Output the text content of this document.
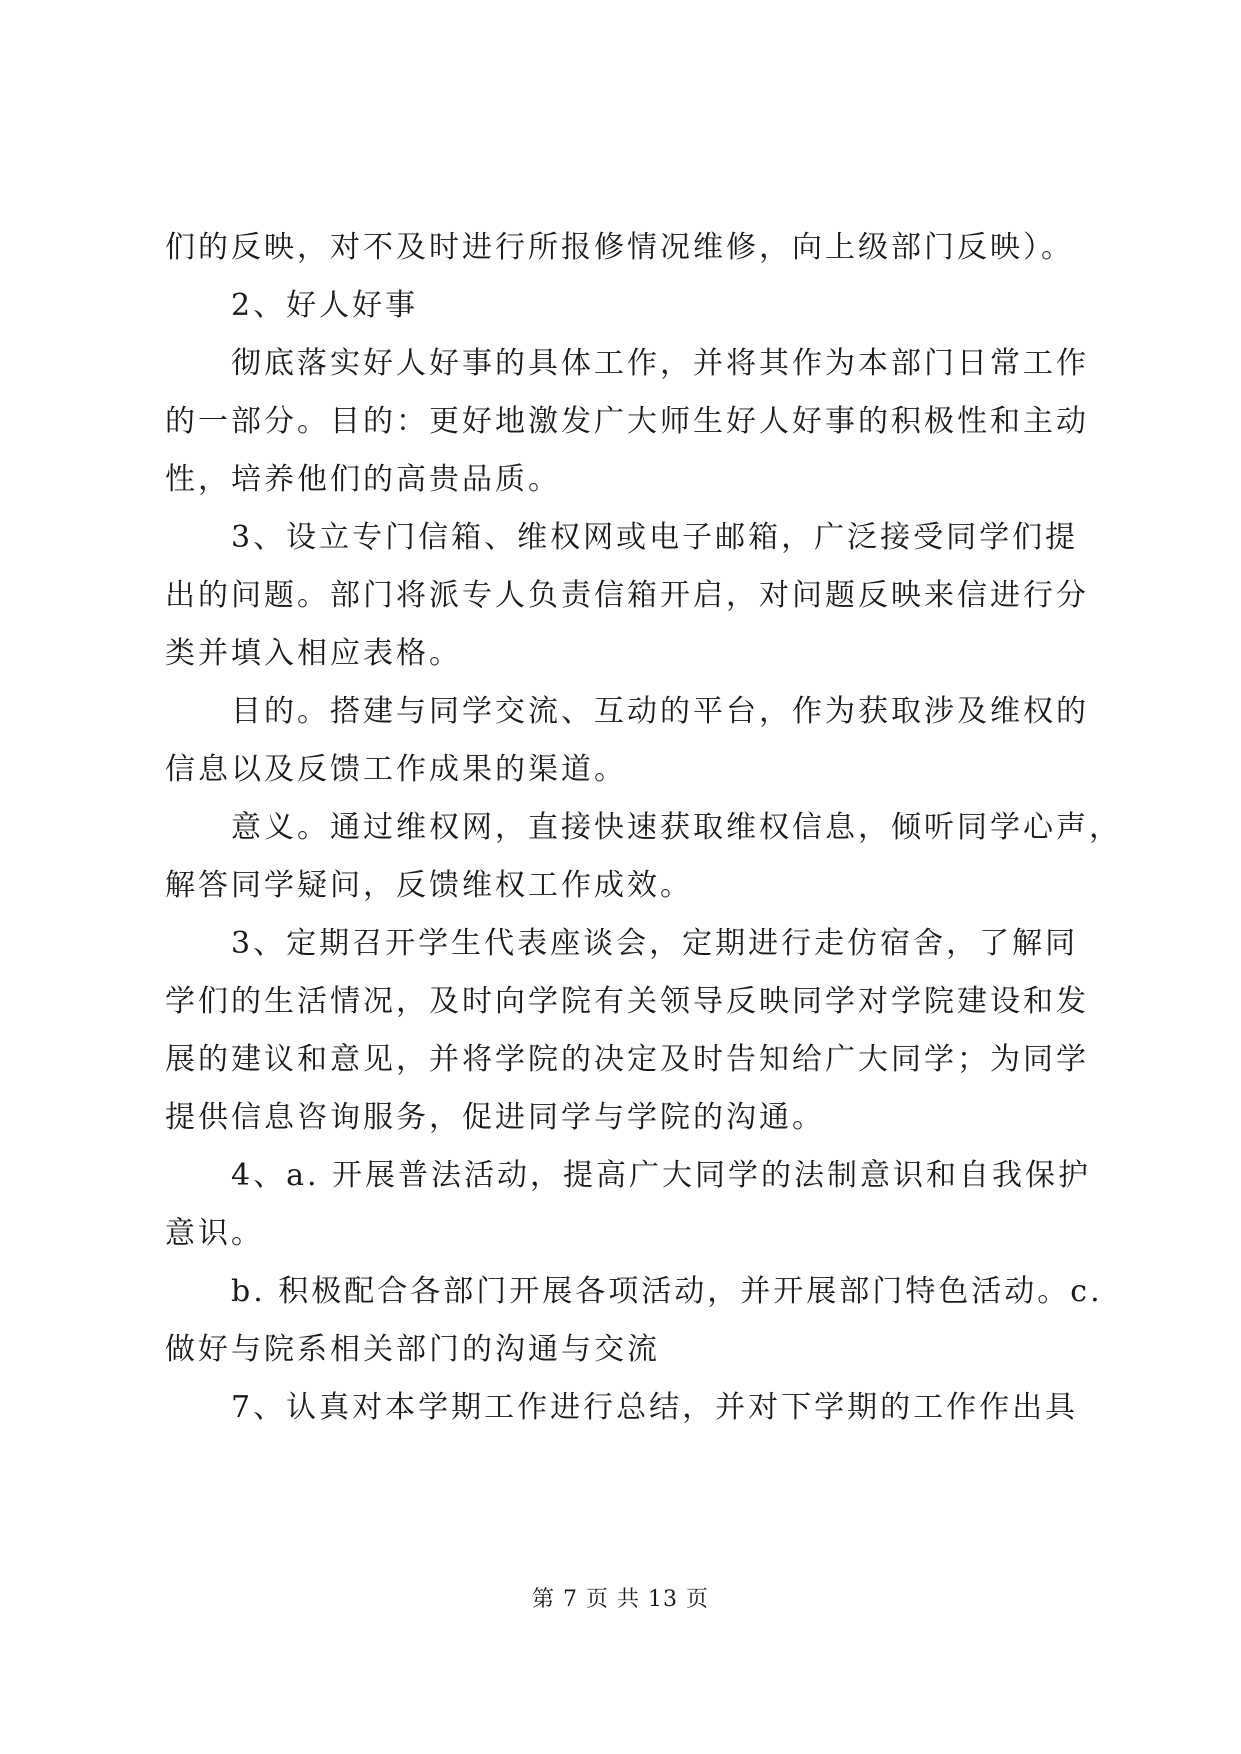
们的反映，对不及时进行所报修情况维修，向上级部门反映）。
2、好人好事
彻底落实好人好事的具体工作，并将其作为本部门日常工作
的一部分。目的：更好地激发广大师生好人好事的积极性和主动
性，培养他们的高贵品质。
3、设立专门信箱、维权网或电子邮箱，广泛接受同学们提
出的问题。部门将派专人负责信箱开启，对问题反映来信进行分
类并填入相应表格。
目的。搭建与同学交流、互动的平台，作为获取涉及维权的
信息以及反馈工作成果的渠道。
意义。通过维权网，直接快速获取维权信息，倾听同学心声，
解答同学疑问，反馈维权工作成效。
3、定期召开学生代表座谈会，定期进行走仿宿舍，了解同
学们的生活情况，及时向学院有关领导反映同学对学院建设和发
展的建议和意见，并将学院的决定及时告知给广大同学；为同学
提供信息咨询服务，促进同学与学院的沟通。
4、a. 开展普法活动，提高广大同学的法制意识和自我保护
意识。
b. 积极配合各部门开展各项活动，并开展部门特色活动。c.
做好与院系相关部门的沟通与交流
7、认真对本学期工作进行总结，并对下学期的工作作出具
第 7 页 共 13 页
